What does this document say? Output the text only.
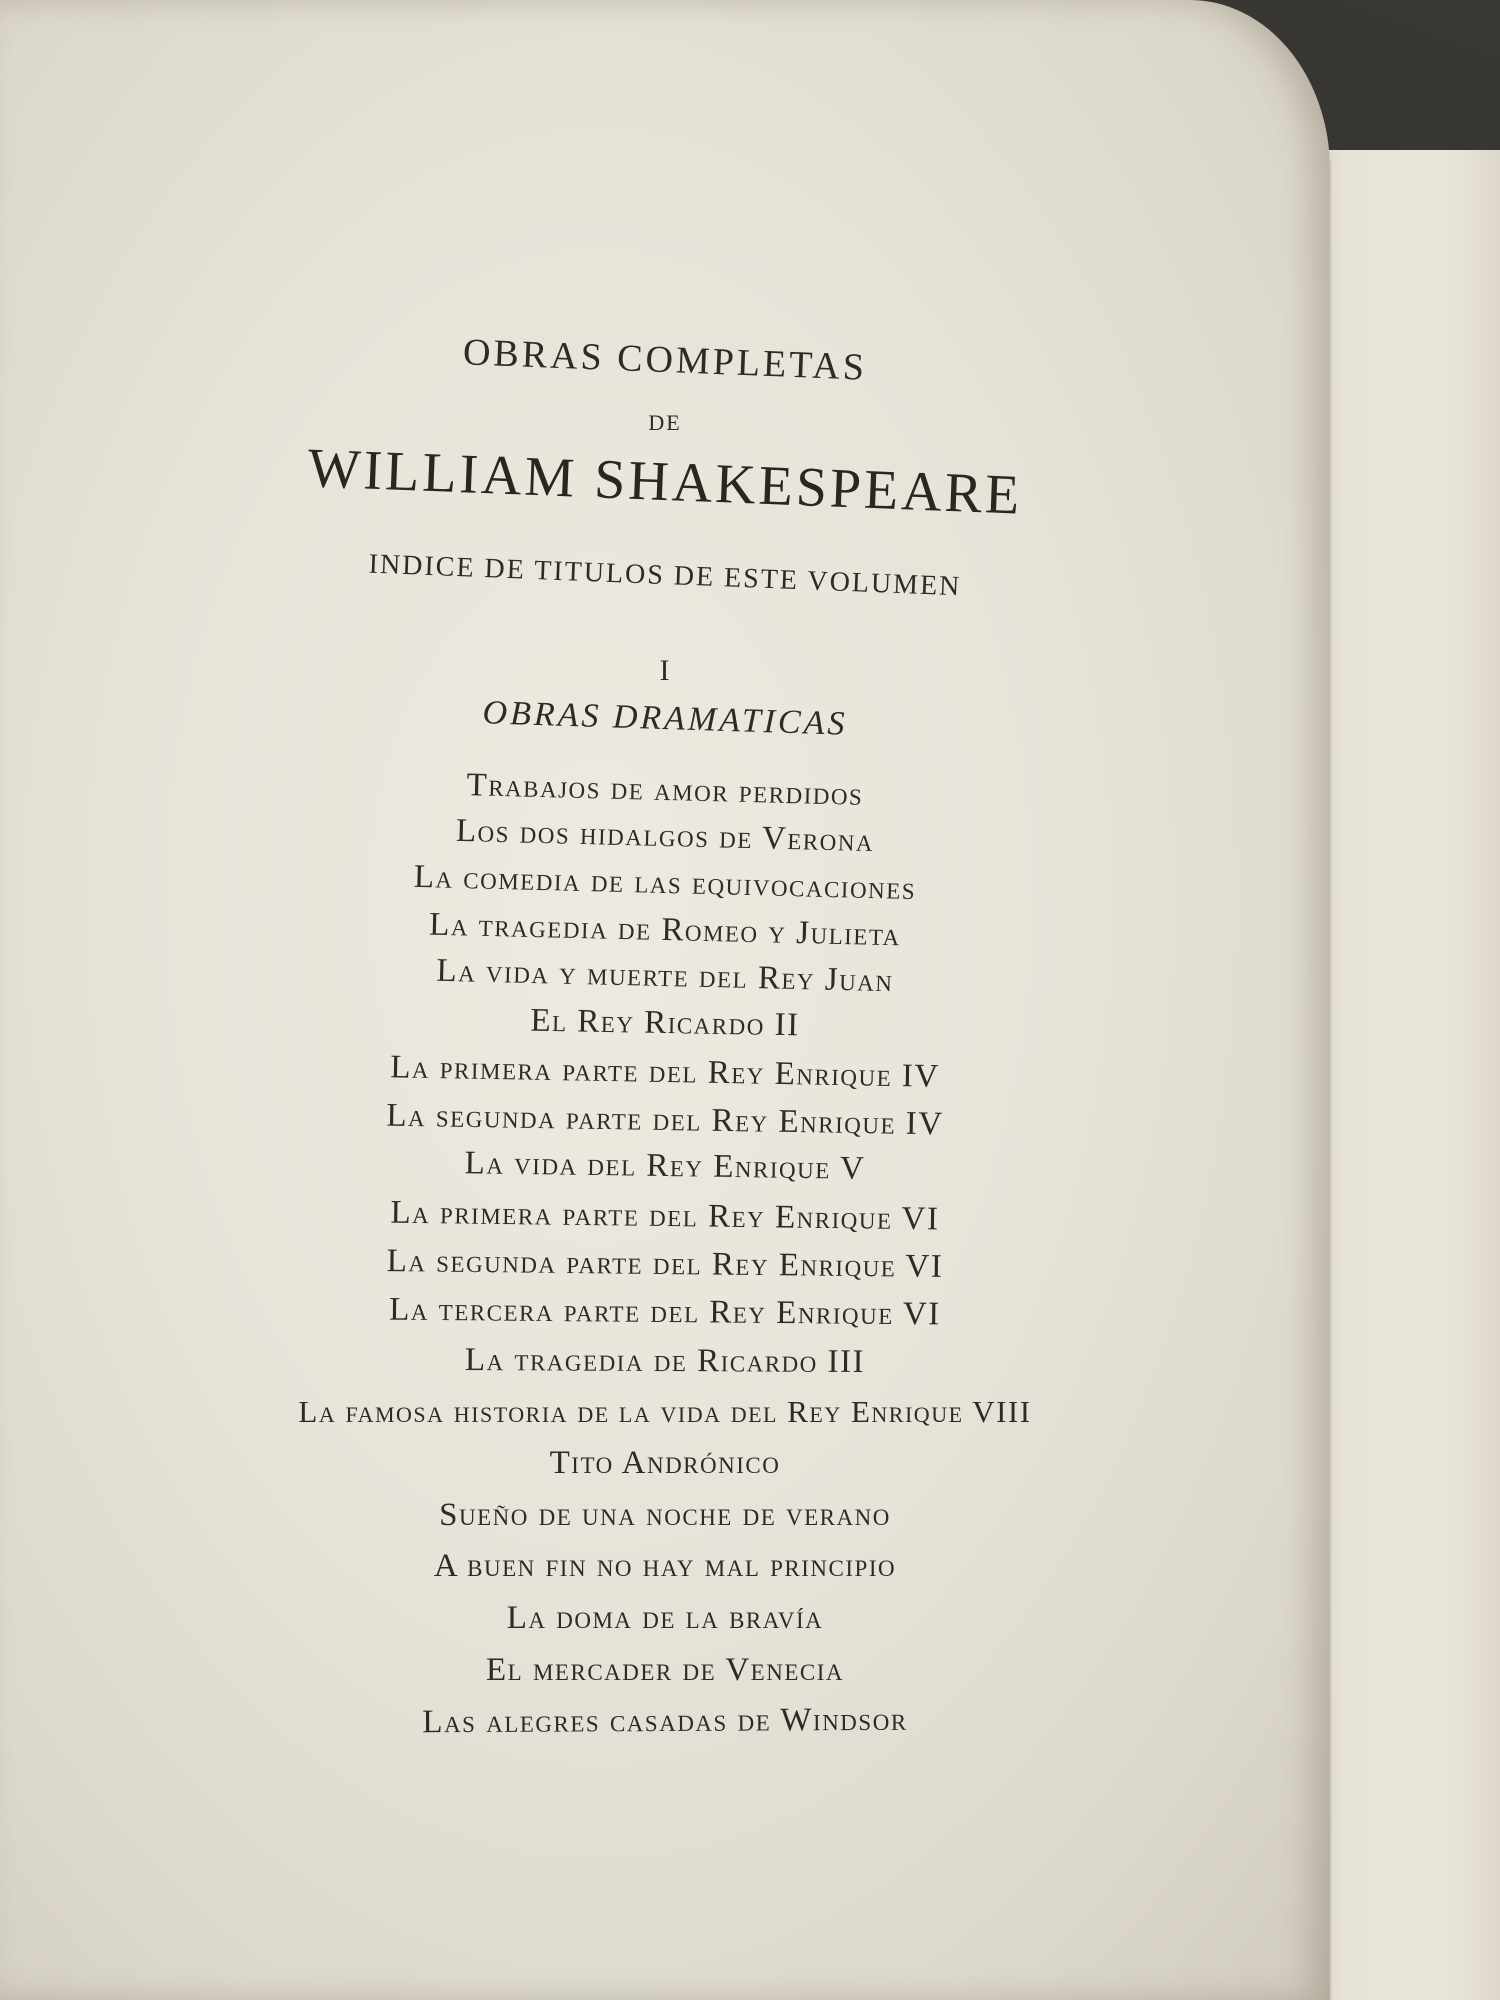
OBRAS COMPLETAS
DE
WILLIAM SHAKESPEARE
INDICE DE TITULOS DE ESTE VOLUMEN
I
OBRAS DRAMATICAS
Trabajos de amor perdidos
Los dos hidalgos de Verona
La comedia de las equivocaciones
La tragedia de Romeo y Julieta
La vida y muerte del Rey Juan
El Rey Ricardo II
La primera parte del Rey Enrique IV
La segunda parte del Rey Enrique IV
La vida del Rey Enrique V
La primera parte del Rey Enrique VI
La segunda parte del Rey Enrique VI
La tercera parte del Rey Enrique VI
La tragedia de Ricardo III
La famosa historia de la vida del Rey Enrique VIII
Tito Andrónico
Sueño de una noche de verano
A buen fin no hay mal principio
La doma de la bravía
El mercader de Venecia
Las alegres casadas de Windsor
